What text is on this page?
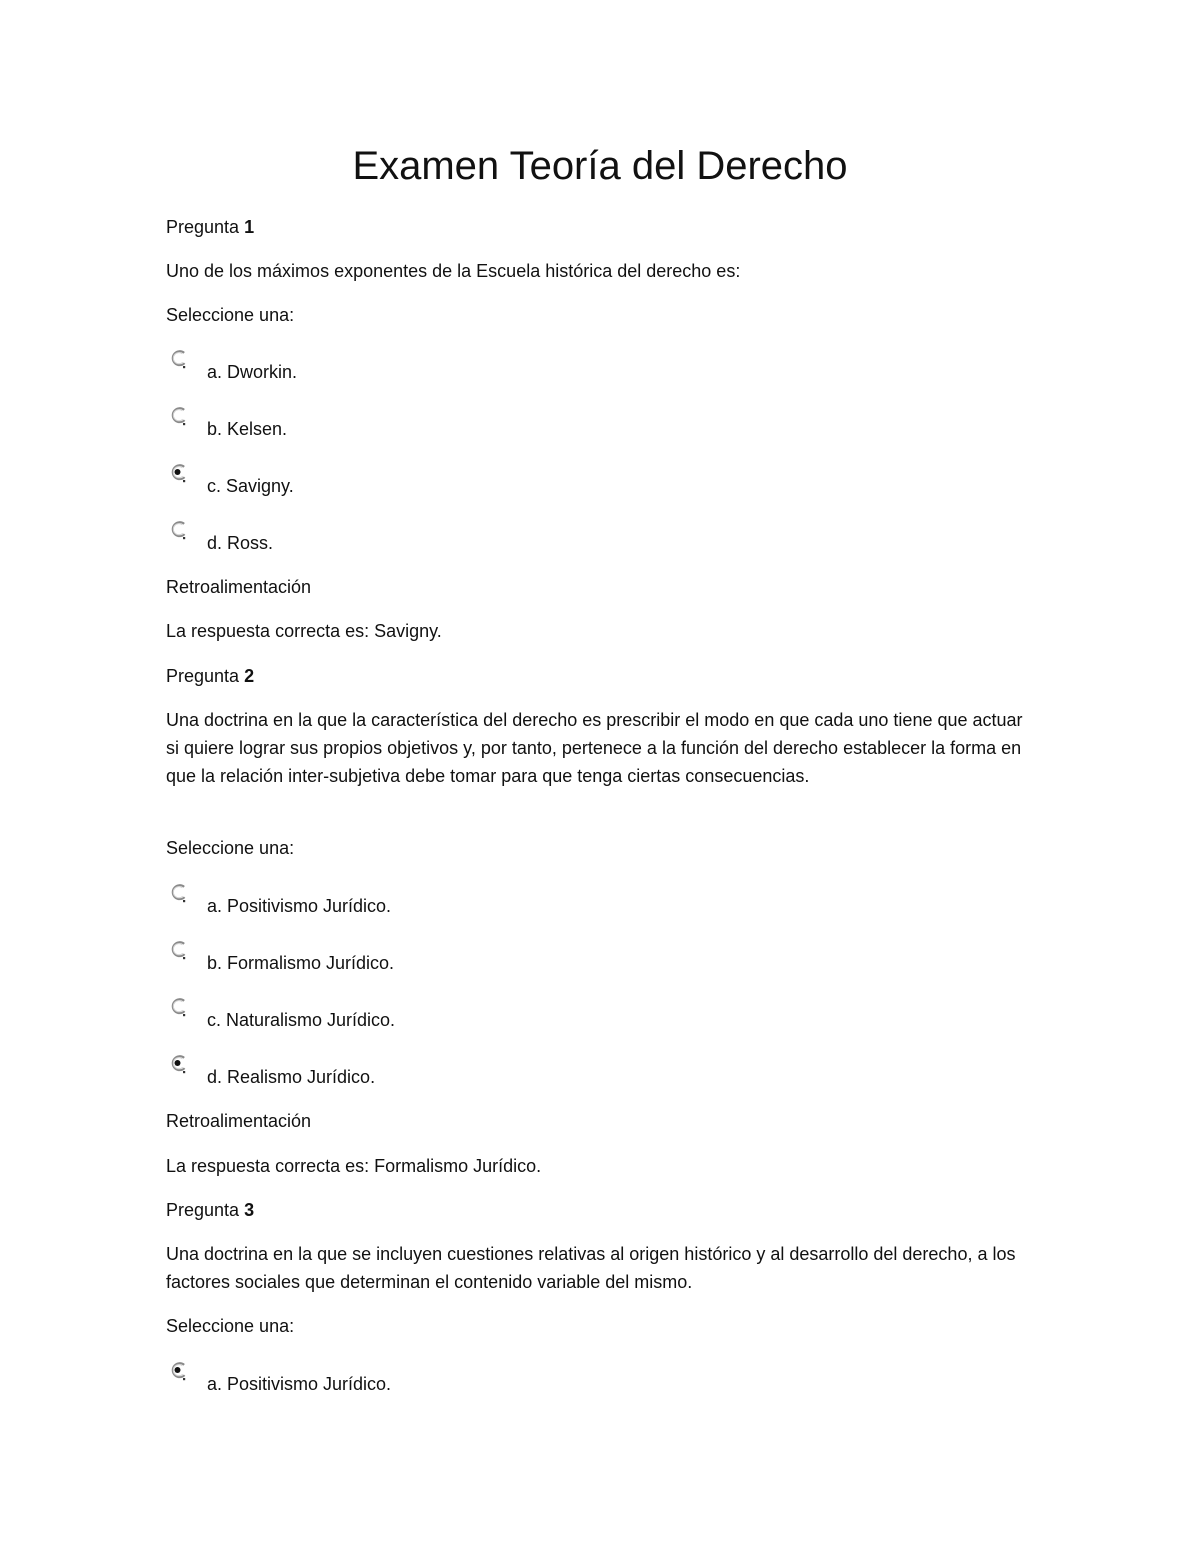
Examen Teoría del Derecho

Pregunta 1

Uno de los máximos exponentes de la Escuela histórica del derecho es:

Seleccione una:

a. Dworkin.
b. Kelsen.
c. Savigny.
d. Ross.

Retroalimentación

La respuesta correcta es: Savigny.

Pregunta 2

Una doctrina en la que la característica del derecho es prescribir el modo en que cada uno tiene que actuar si quiere lograr sus propios objetivos y, por tanto, pertenece a la función del derecho establecer la forma en que la relación inter-subjetiva debe tomar para que tenga ciertas consecuencias.

Seleccione una:

a. Positivismo Jurídico.
b. Formalismo Jurídico.
c. Naturalismo Jurídico.
d. Realismo Jurídico.

Retroalimentación

La respuesta correcta es: Formalismo Jurídico.

Pregunta 3

Una doctrina en la que se incluyen cuestiones relativas al origen histórico y al desarrollo del derecho, a los factores sociales que determinan el contenido variable del mismo.

Seleccione una:

a. Positivismo Jurídico.
